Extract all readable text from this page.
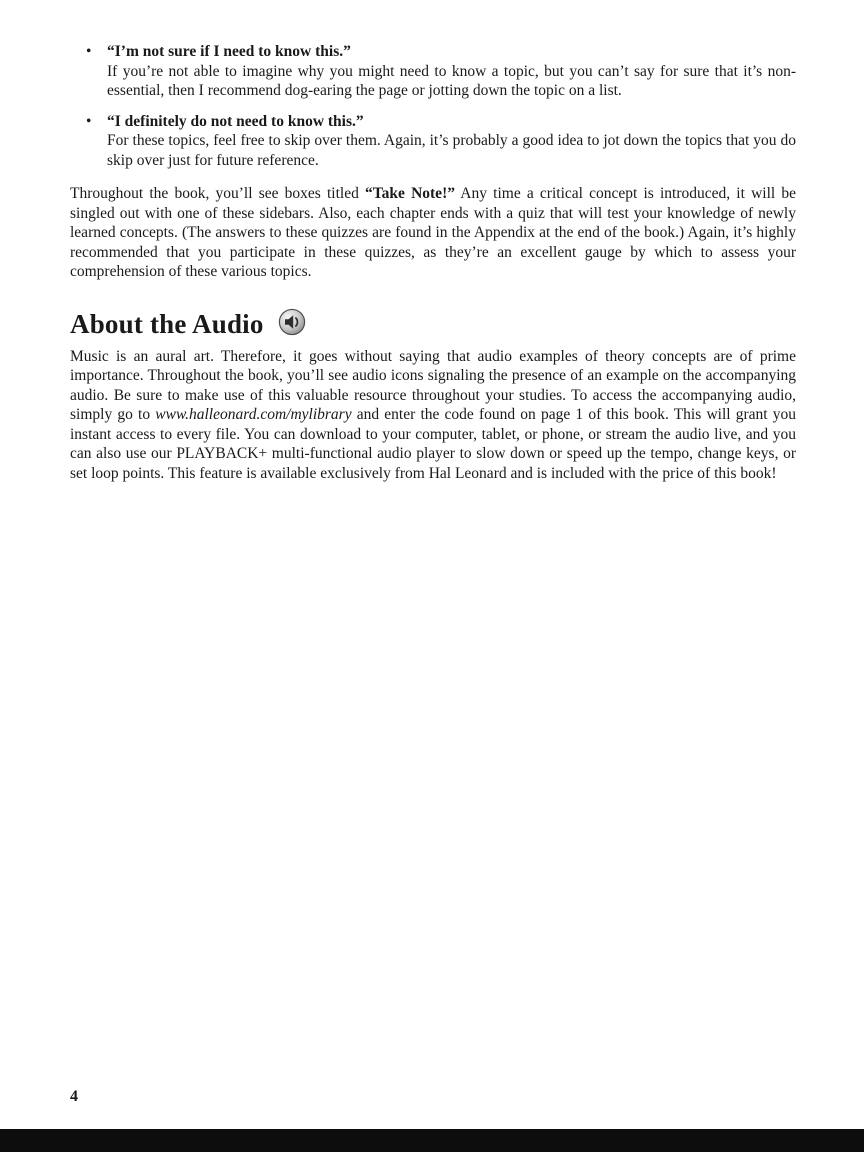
•	“I’m not sure if I need to know this.”
If you’re not able to imagine why you might need to know a topic, but you can’t say for sure that it’s non-essential, then I recommend dog-earing the page or jotting down the topic on a list.
•	“I definitely do not need to know this.”
For these topics, feel free to skip over them. Again, it’s probably a good idea to jot down the topics that you do skip over just for future reference.

Throughout the book, you’ll see boxes titled “Take Note!” Any time a critical concept is introduced, it will be singled out with one of these sidebars. Also, each chapter ends with a quiz that will test your knowledge of newly learned concepts. (The answers to these quizzes are found in the Appendix at the end of the book.) Again, it’s highly recommended that you participate in these quizzes, as they’re an excellent gauge by which to assess your comprehension of these various topics.

About the Audio

Music is an aural art. Therefore, it goes without saying that audio examples of theory concepts are of prime importance. Throughout the book, you’ll see audio icons signaling the presence of an example on the accompanying audio. Be sure to make use of this valuable resource throughout your studies. To access the accompanying audio, simply go to www.halleonard.com/mylibrary and enter the code found on page 1 of this book. This will grant you instant access to every file. You can download to your computer, tablet, or phone, or stream the audio live, and you can also use our PLAYBACK+ multi-functional audio player to slow down or speed up the tempo, change keys, or set loop points. This feature is available exclusively from Hal Leonard and is included with the price of this book!

4
